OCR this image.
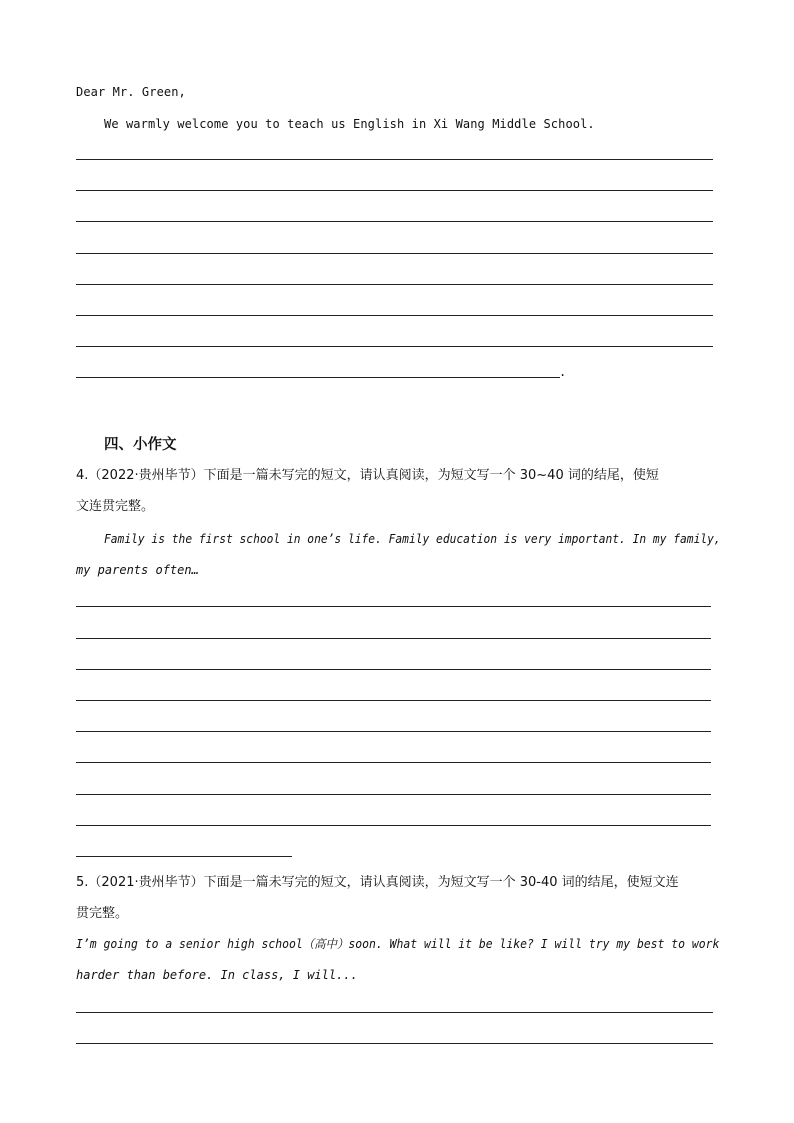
Dear Mr. Green,
We warmly welcome you to teach us English in Xi Wang Middle School.
.
四、小作文
4.（2022·贵州毕节）下面是一篇未写完的短文，请认真阅读，为短文写一个 30~40 词的结尾，使短
文连贯完整。
Family is the first school in one’s life. Family education is very important. In my family,
my parents often…
5.（2021·贵州毕节）下面是一篇未写完的短文，请认真阅读，为短文写一个 30-40 词的结尾，使短文连
贯完整。
I’m going to a senior high school（高中）soon. What will it be like? I will try my best to work
harder than before. In class, I will...
